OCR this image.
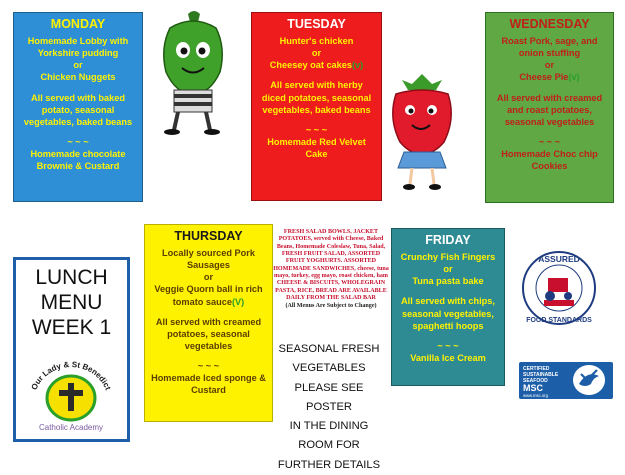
MONDAY

Homemade Lobby with Yorkshire pudding

or

Chicken Nuggets

All served with baked potato, seasonal vegetables, baked beans

~ ~ ~

Homemade chocolate Brownie & Custard

TUESDAY

Hunter's chicken

or

Cheesey oat cakes(v)

All served with herby diced potatoes, seasonal vegetables, baked beans

~ ~ ~

Homemade Red Velvet Cake

WEDNESDAY

Roast Pork, sage, and onion stuffing

or

Cheese Pie(v)

All served with creamed and roast potatoes, seasonal vegetables

~ ~ ~

Homemade Choc chip Cookies

THURSDAY

Locally sourced Pork Sausages

or

Veggie Quorn ball in rich tomato sauce(V)

All served with creamed potatoes, seasonal vegetables

~ ~ ~

Homemade Iced sponge & Custard

FRIDAY

Crunchy Fish Fingers

or

Tuna pasta bake

All served with chips, seasonal vegetables, spaghetti hoops

~ ~ ~

Vanilla Ice Cream

LUNCH

MENU

WEEK 1

Our Lady & St Benedict
Catholic Academy
FRESH SALAD BOWLS, JACKET POTATOES, served with Cheese, Baked Beans, Homemade Coleslaw, Tuna, Salad, FRESH FRUIT SALAD, ASSORTED FRUIT YOGHURTS. ASSORTED HOMEMADE SANDWICHES, cheese, tuna mayo, turkey, egg mayo, roast chicken, ham CHEESE & BISCUITS, WHOLEGRAIN PASTA, RICE, BREAD ARE AVAILABLE DAILY FROM THE SALAD BAR
(All Menus Are Subject to Change)
SEASONAL FRESH
VEGETABLES
PLEASE SEE POSTER
IN THE DINING
ROOM FOR
FURTHER DETAILS
ASSURED
FOOD STANDARDS
CERTIFIED
SUSTAINABLE
SEAFOOD
MSC
www.msc.org
